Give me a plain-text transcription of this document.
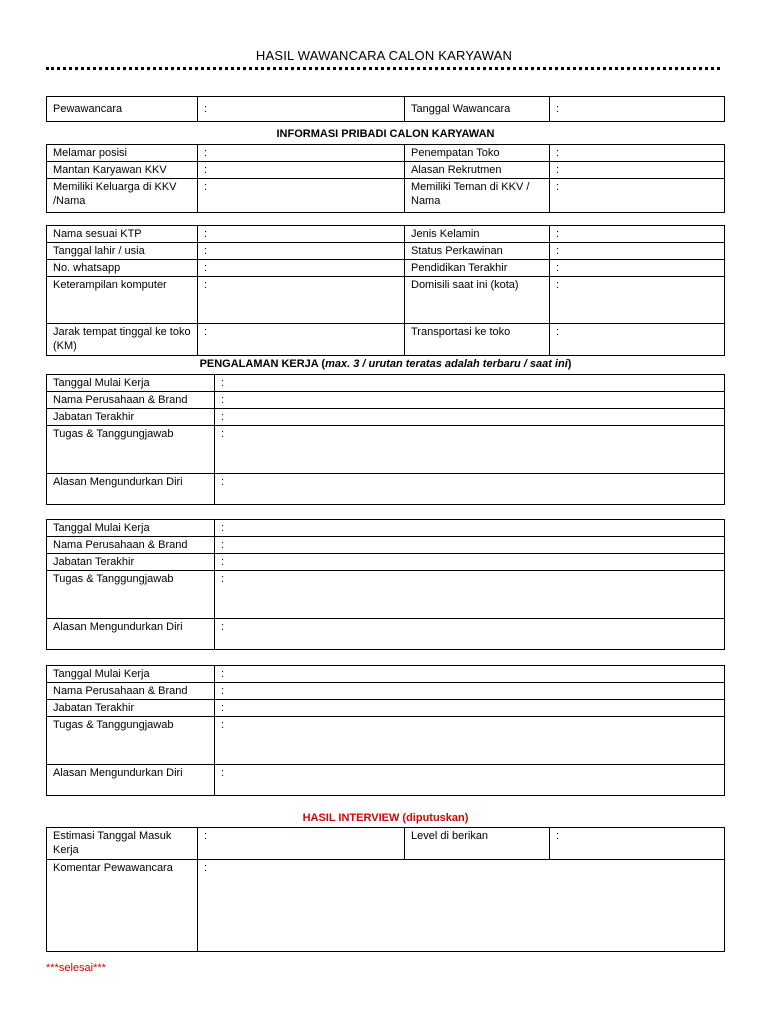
HASIL WAWANCARA CALON KARYAWAN
Pewawancara	:	Tanggal Wawancara	:
INFORMASI PRIBADI CALON KARYAWAN
Melamar posisi	:	Penempatan Toko	:
Mantan Karyawan KKV	:	Alasan Rekrutmen	:
Memiliki Keluarga di KKV /Nama	:	Memiliki Teman di KKV / Nama	:
Nama sesuai KTP	:	Jenis Kelamin	:
Tanggal lahir / usia	:	Status Perkawinan	:
No. whatsapp	:	Pendidikan Terakhir	:
Keterampilan komputer	:	Domisili saat ini (kota)	:
Jarak tempat tinggal ke toko (KM)	:	Transportasi ke toko	:
PENGALAMAN KERJA (max. 3 / urutan teratas adalah terbaru / saat ini)
Tanggal Mulai Kerja	:
Nama Perusahaan & Brand	:
Jabatan Terakhir	:
Tugas & Tanggungjawab	:
Alasan Mengundurkan Diri	:
Tanggal Mulai Kerja	:
Nama Perusahaan & Brand	:
Jabatan Terakhir	:
Tugas & Tanggungjawab	:
Alasan Mengundurkan Diri	:
Tanggal Mulai Kerja	:
Nama Perusahaan & Brand	:
Jabatan Terakhir	:
Tugas & Tanggungjawab	:
Alasan Mengundurkan Diri	:
HASIL INTERVIEW (diputuskan)
Estimasi Tanggal Masuk Kerja	:	Level di berikan	:
Komentar Pewawancara	:		
***selesai***
